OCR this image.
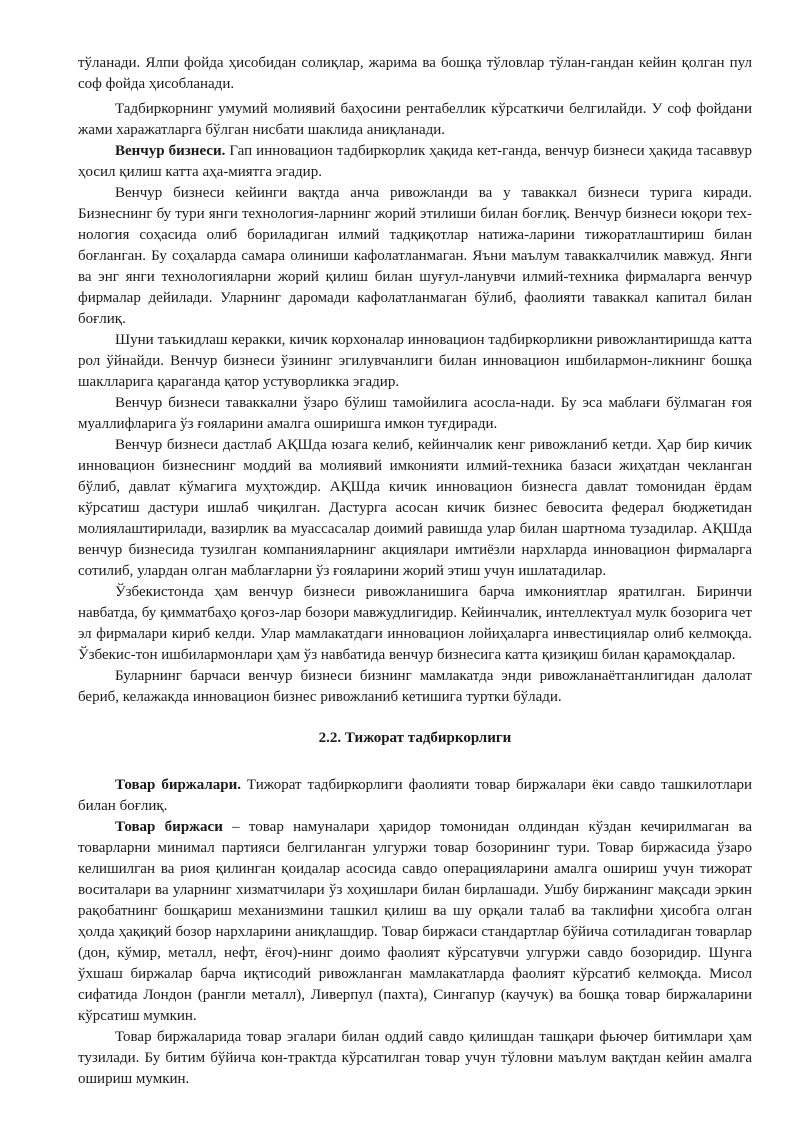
тўланади. Ялпи фойда ҳисобидан солиқлар, жарима ва бошқа тўловлар тўлан-гандан кейин қолган пул соф фойда ҳисобланади.

Тадбиркорнинг умумий молиявий баҳосини рентабеллик кўрсаткичи белгилайди. У соф фойдани жами харажатларга бўлган нисбати шаклида аниқланади.

Венчур бизнеси. Гап инновацион тадбиркорлик ҳақида кет-ганда, венчур бизнеси ҳақида тасаввур ҳосил қилиш катта аҳа-миятга эгадир.

Венчур бизнеси кейинги вақтда анча ривожланди ва у таваккал бизнеси турига киради. Бизнеснинг бу тури янги технология-ларнинг жорий этилиши билан боғлиқ. Венчур бизнеси юқори тех-нология соҳасида олиб бориладиган илмий тадқиқотлар натижа-ларини тижоратлаштириш билан боғланган. Бу соҳаларда самара олиниши кафолатланмаган. Яъни маълум таваккалчилик мавжуд. Янги ва энг янги технологияларни жорий қилиш билан шуғул-ланувчи илмий-техника фирмаларга венчур фирмалар дейилади. Уларнинг даромади кафолатланмаган бўлиб, фаолияти таваккал капитал билан боғлиқ.

Шуни таъкидлаш керакки, кичик корхоналар инновацион тадбиркорликни ривожлантиришда катта рол ўйнайди. Венчур бизнеси ўзининг эгилувчанлиги билан инновацион ишбилармон-ликнинг бошқа шаклларига қараганда қатор устуворликка эгадир.

Венчур бизнеси таваккални ўзаро бўлиш тамойилига асосла-нади. Бу эса маблағи бўлмаган ғоя муаллифларига ўз ғояларини амалга оширишга имкон туғдиради.

Венчур бизнеси дастлаб АҚШда юзага келиб, кейинчалик кенг ривожланиб кетди. Ҳар бир кичик инновацион бизнеснинг моддий ва молиявий имконияти илмий-техника базаси жиҳатдан чекланган бўлиб, давлат кўмагига муҳтождир. АҚШда кичик инновацион бизнесга давлат томонидан ёрдам кўрсатиш дастури ишлаб чиқилган. Дастурга асосан кичик бизнес бевосита федерал бюджетидан молиялаштирилади, вазирлик ва муассасалар доимий равишда улар билан шартнома тузадилар. АҚШда венчур бизнесида тузилган компанияларнинг акциялари имтиёзли нархларда инновацион фирмаларга сотилиб, улардан олган маблағларни ўз ғояларини жорий этиш учун ишлатадилар.

Ўзбекистонда ҳам венчур бизнеси ривожланишига барча имкониятлар яратилган. Биринчи навбатда, бу қимматбаҳо қоғоз-лар бозори мавжудлигидир. Кейинчалик, интеллектуал мулк бозорига чет эл фирмалари кириб келди. Улар мамлакатдаги инновацион лойиҳаларга инвестициялар олиб келмоқда. Ўзбекис-тон ишбилармонлари ҳам ўз навбатида венчур бизнесига катта қизиқиш билан қарамоқдалар.

Буларнинг барчаси венчур бизнеси бизнинг мамлакатда энди ривожланаётганлигидан далолат бериб, келажакда инновацион бизнес ривожланиб кетишига туртки бўлади.

2.2. Тижорат тадбиркорлиги

Товар биржалари. Тижорат тадбиркорлиги фаолияти товар биржалари ёки савдо ташкилотлари билан боғлиқ.

Товар биржаси – товар намуналари ҳаридор томонидан олдиндан кўздан кечирилмаган ва товарларни минимал партияси белгиланган улгуржи товар бозорининг тури. Товар биржасида ўзаро келишилган ва риоя қилинган қоидалар асосида савдо операцияларини амалга ошириш учун тижорат воситалари ва уларнинг хизматчилари ўз хоҳишлари билан бирлашади. Ушбу биржанинг мақсади эркин рақобатнинг бошқариш механизмини ташкил қилиш ва шу орқали талаб ва таклифни ҳисобга олган ҳолда ҳақиқий бозор нархларини аниқлашдир. Товар биржаси стандартлар бўйича сотиладиган товарлар (дон, кўмир, металл, нефт, ёғоч)-нинг доимо фаолият кўрсатувчи улгуржи савдо бозоридир. Шунга ўхшаш биржалар барча иқтисодий ривожланган мамлакатларда фаолият кўрсатиб келмоқда. Мисол сифатида Лондон (рангли металл), Ливерпул (пахта), Сингапур (каучук) ва бошқа товар биржаларини кўрсатиш мумкин.

Товар биржаларида товар эгалари билан оддий савдо қилишдан ташқари фьючер битимлари ҳам тузилади. Бу битим бўйича кон-трактда кўрсатилган товар учун тўловни маълум вақтдан кейин амалга ошириш мумкин.
